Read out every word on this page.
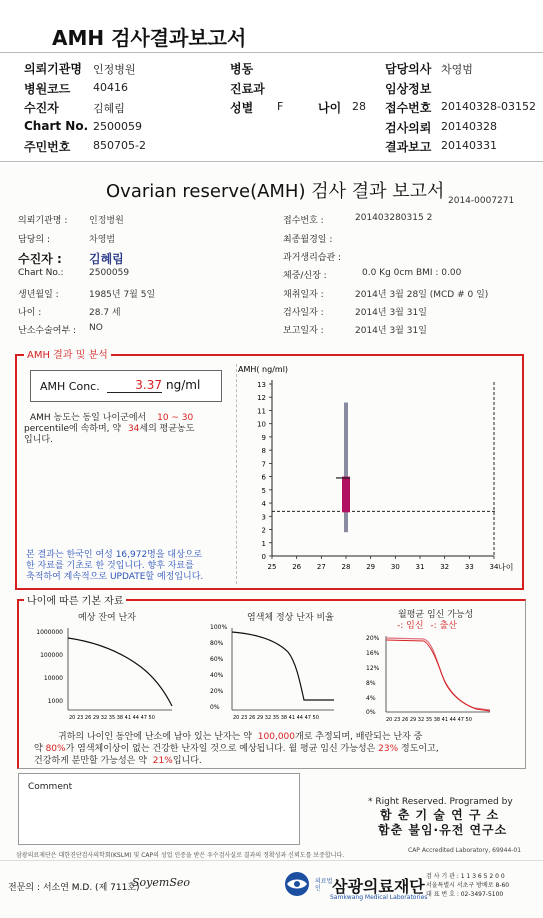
AMH 검사결과보고서
의뢰기관명 인정병원	병동	담당의사 차영범
병원코드 40416	진료과	임상정보
수진자	김혜림	성별 F	나이 28 접수번호 20140328-03152
Chart No. 2500059	검사의뢰 20140328
주민번호 850705-2	결과보고 20140331
Ovarian reserve(AMH) 검사 결과 보고서 2014-0007271
의뢰기관명 : 인정병원
담당의 :	차영범
수진자 : 김혜림
Chart No.:	2500059
생년월일 :	1985년 7월 5일
나이 :	28.7 세
난소수술여부 : NO
접수번호 :	201403280315 2
최종월경일 :
과거생리습관 :
체중/신장 :	0.0 Kg 0cm BMI : 0.00
채취일자 :	2014년 3월 28일 (MCD # 0 일)
검사일자 :	2014년 3월 31일
보고일자 :	2014년 3월 31일
AMH 결과 및 분석
AMH Conc.	3.37 ng/ml
AMH 농도는 동일 나이군에서 10 ~ 30
percentile에 속하며, 약 34세의 평균농도
입니다.
본 결과는 한국인 여성 16,972명을 대상으로
한 자료를 기초로 한 것입니다. 향후 자료를
축적하여 계속적으로 UPDATE할 예정입니다.
AMH( ng/ml)
0
1
2
3
4
5
6
7
8
9
10
11
12
13
25 26 27 28 29 30 31 32 33 34 나이
나이에 따른 기본 자료
예상 잔여 난자	염색체 정상 난자 비율	월평균 임신 가능성
-: 임신 -: 출산
1000000
100000
10000
1000
20 23 26 29 32 35 38 41 44 47 50
100%
80%
60%
40%
20%
0%
20 23 26 29 32 35 38 41 44 47 50
20%
16%
12%
8%
4%
0%
20 23 26 29 32 35 38 41 44 47 50
귀하의 나이인 동안에 난소에 남아 있는 난자는 약 100,000개로 추정되며, 배란되는 난자 중
약 80%가 염색체이상이 없는 건강한 난자일 것으로 예상됩니다. 월 평균 임신 가능성은 23% 정도이고,
건강하게 분만할 가능성은 약 21%입니다.
Comment
* Right Reserved. Programed by
함 춘 기 술 연 구 소
함춘 불임·유전 연구소
삼광의료재단은 대한진단검사의학회(KSLM) 및 CAP의 성업 인증을 받은 우수검사실로 결과의 정확성과 신뢰도를 보증합니다.
CAP Accredited Laboratory, 69944-01
전문의 : 서소연 M.D. (제 711호)
SoyemSeo	의료법인 삼광의료재단
Samkwang Medical Laboratories
검 사 기 관 : 1 1 3 6 5 2 0 0
서울특별시 서초구 방배로 8-60
대 표 번 호 : 02-3497-5100
